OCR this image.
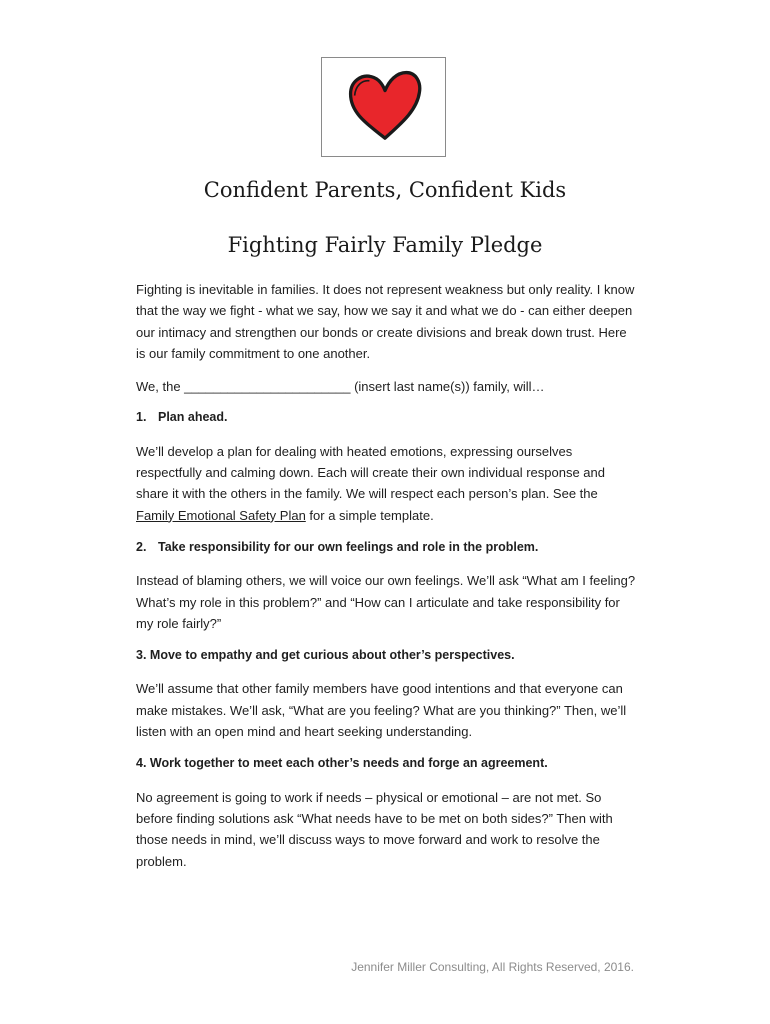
Confident Parents, Confident Kids
Fighting Fairly Family Pledge

Fighting is inevitable in families. It does not represent weakness but only reality. I know that the way we fight - what we say, how we say it and what we do - can either deepen our intimacy and strengthen our bonds or create divisions and break down trust. Here is our family commitment to one another.

We, the _______________________ (insert last name(s)) family, will…

1. Plan ahead.

We’ll develop a plan for dealing with heated emotions, expressing ourselves respectfully and calming down. Each will create their own individual response and share it with the others in the family. We will respect each person’s plan. See the Family Emotional Safety Plan for a simple template.

2. Take responsibility for our own feelings and role in the problem.

Instead of blaming others, we will voice our own feelings. We’ll ask “What am I feeling? What’s my role in this problem?” and “How can I articulate and take responsibility for my role fairly?”

3. Move to empathy and get curious about other’s perspectives.

We’ll assume that other family members have good intentions and that everyone can make mistakes. We’ll ask, “What are you feeling? What are you thinking?” Then, we’ll listen with an open mind and heart seeking understanding.

4. Work together to meet each other’s needs and forge an agreement.

No agreement is going to work if needs – physical or emotional – are not met. So before finding solutions ask “What needs have to be met on both sides?” Then with those needs in mind, we’ll discuss ways to move forward and work to resolve the problem.

Jennifer Miller Consulting, All Rights Reserved, 2016.
